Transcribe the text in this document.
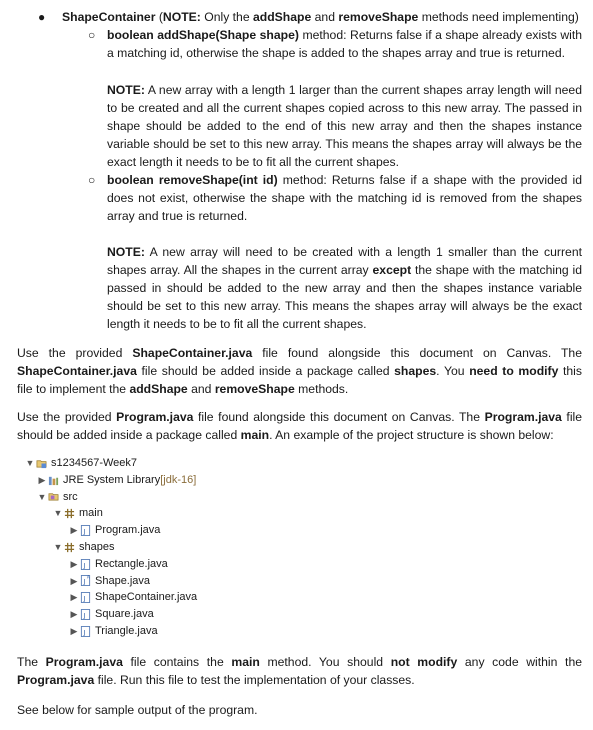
● ShapeContainer (NOTE: Only the addShape and removeShape methods need implementing)
○ boolean addShape(Shape shape) method: Returns false if a shape already exists with a matching id, otherwise the shape is added to the shapes array and true is returned.
NOTE: A new array with a length 1 larger than the current shapes array length will need to be created and all the current shapes copied across to this new array. The passed in shape should be added to the end of this new array and then the shapes instance variable should be set to this new array. This means the shapes array will always be the exact length it needs to be to fit all the current shapes.
○ boolean removeShape(int id) method: Returns false if a shape with the provided id does not exist, otherwise the shape with the matching id is removed from the shapes array and true is returned.
NOTE: A new array will need to be created with a length 1 smaller than the current shapes array. All the shapes in the current array except the shape with the matching id passed in should be added to the new array and then the shapes instance variable should be set to this new array. This means the shapes array will always be the exact length it needs to be to fit all the current shapes.
Use the provided ShapeContainer.java file found alongside this document on Canvas. The ShapeContainer.java file should be added inside a package called shapes. You need to modify this file to implement the addShape and removeShape methods.
Use the provided Program.java file found alongside this document on Canvas. The Program.java file should be added inside a package called main. An example of the project structure is shown below:
▼ s1234567-Week7
▶ JRE System Library [jdk-16]
▼ src
▼ main
▶ J Program.java
▼ shapes
▶ J Rectangle.java
▶ J
A Shape.java
▶ J ShapeContainer.java
▶ J Square.java
▶ J Triangle.java
The Program.java file contains the main method. You should not modify any code within the Program.java file. Run this file to test the implementation of your classes.
See below for sample output of the program.
